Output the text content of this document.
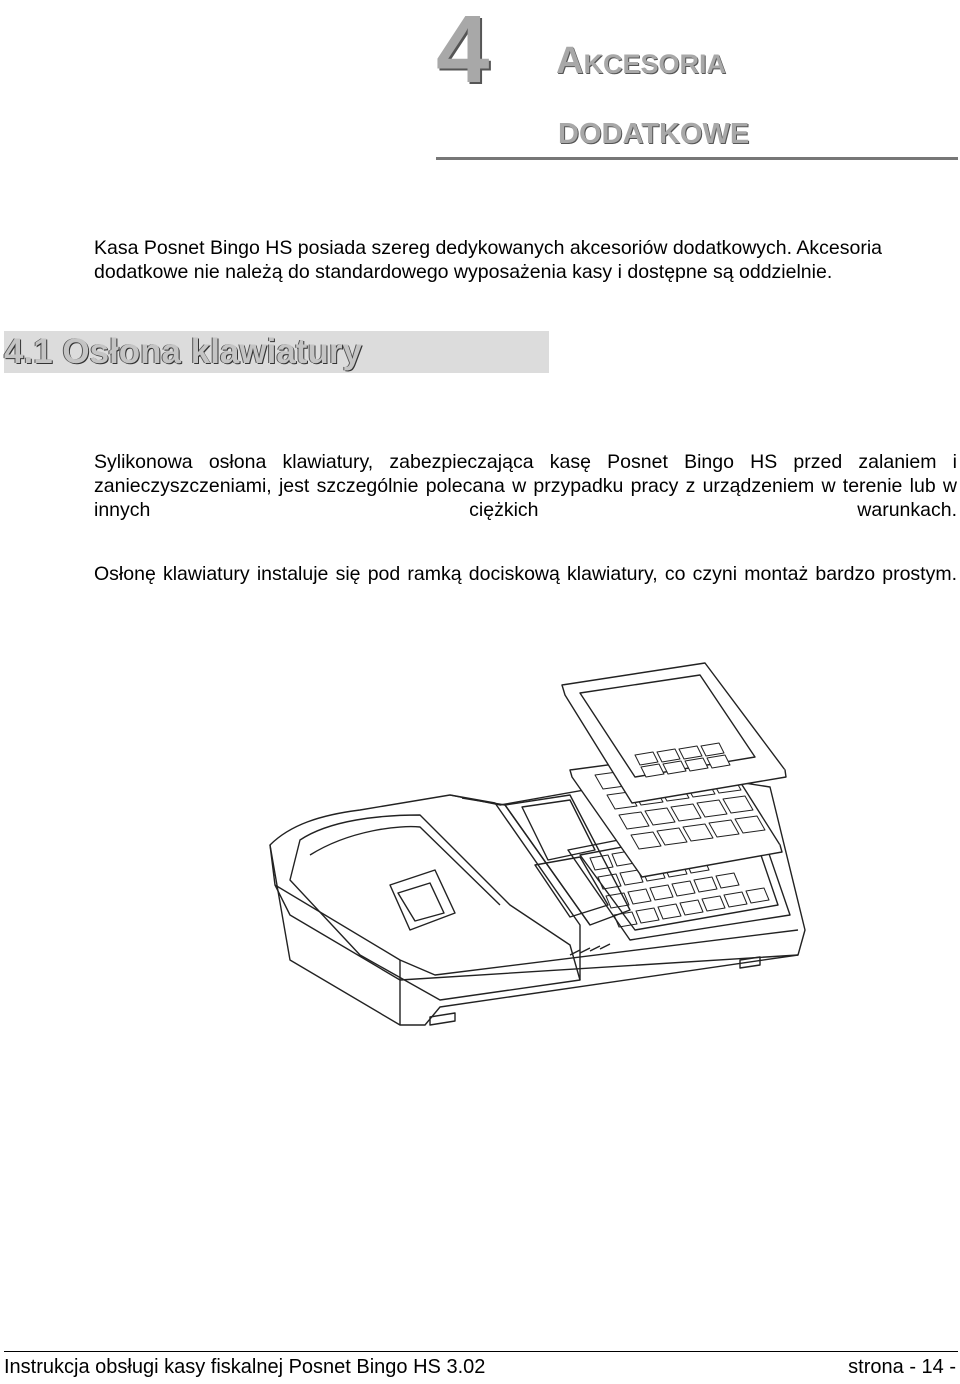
4 Akcesoria
DODATKOWE
Kasa Posnet Bingo HS posiada szereg dedykowanych akcesoriów dodatkowych. Akcesoria dodatkowe nie należą do standardowego wyposażenia kasy i dostępne są oddzielnie.
4.1 Osłona klawiatury
Sylikonowa osłona klawiatury, zabezpieczająca kasę Posnet Bingo HS przed zalaniem i zanieczyszczeniami, jest szczególnie polecana w przypadku pracy z urządzeniem w terenie lub w innych ciężkich warunkach.
Osłonę klawiatury instaluje się pod ramką dociskową klawiatury, co czyni montaż bardzo prostym.
Instrukcja obsługi kasy fiskalnej Posnet Bingo HS 3.02	strona - 14 -
